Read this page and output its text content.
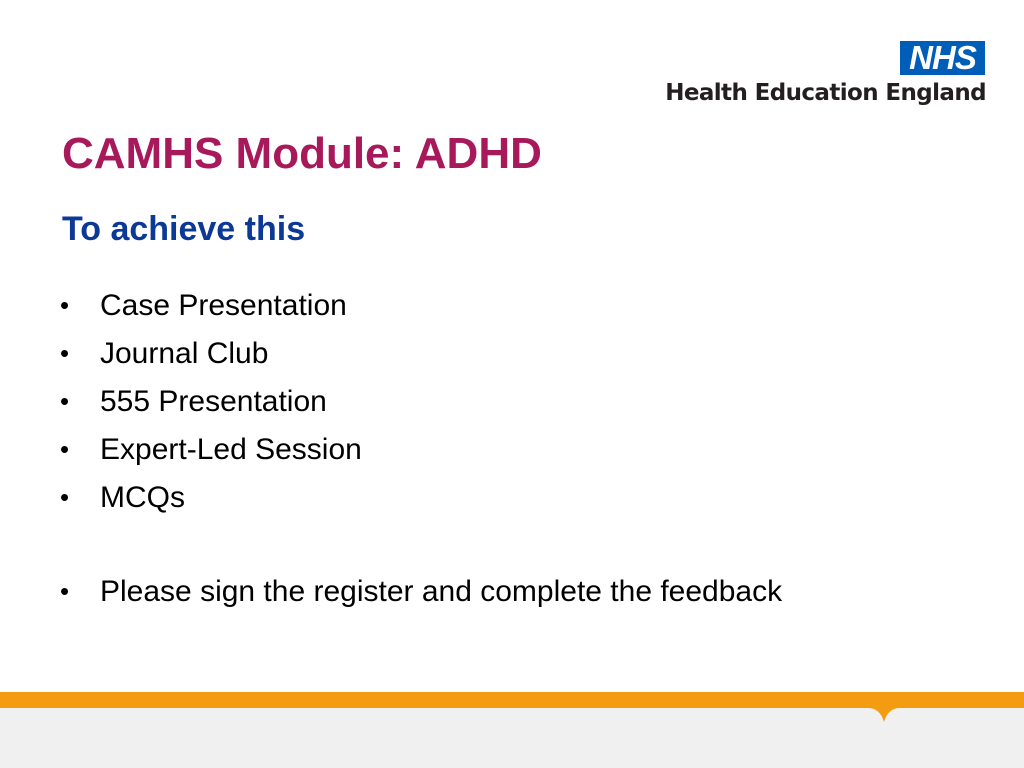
NHS
Health Education England
CAMHS Module: ADHD
To achieve this
• Case Presentation
• Journal Club
• 555 Presentation
• Expert-Led Session
• MCQs
• Please sign the register and complete the feedback
